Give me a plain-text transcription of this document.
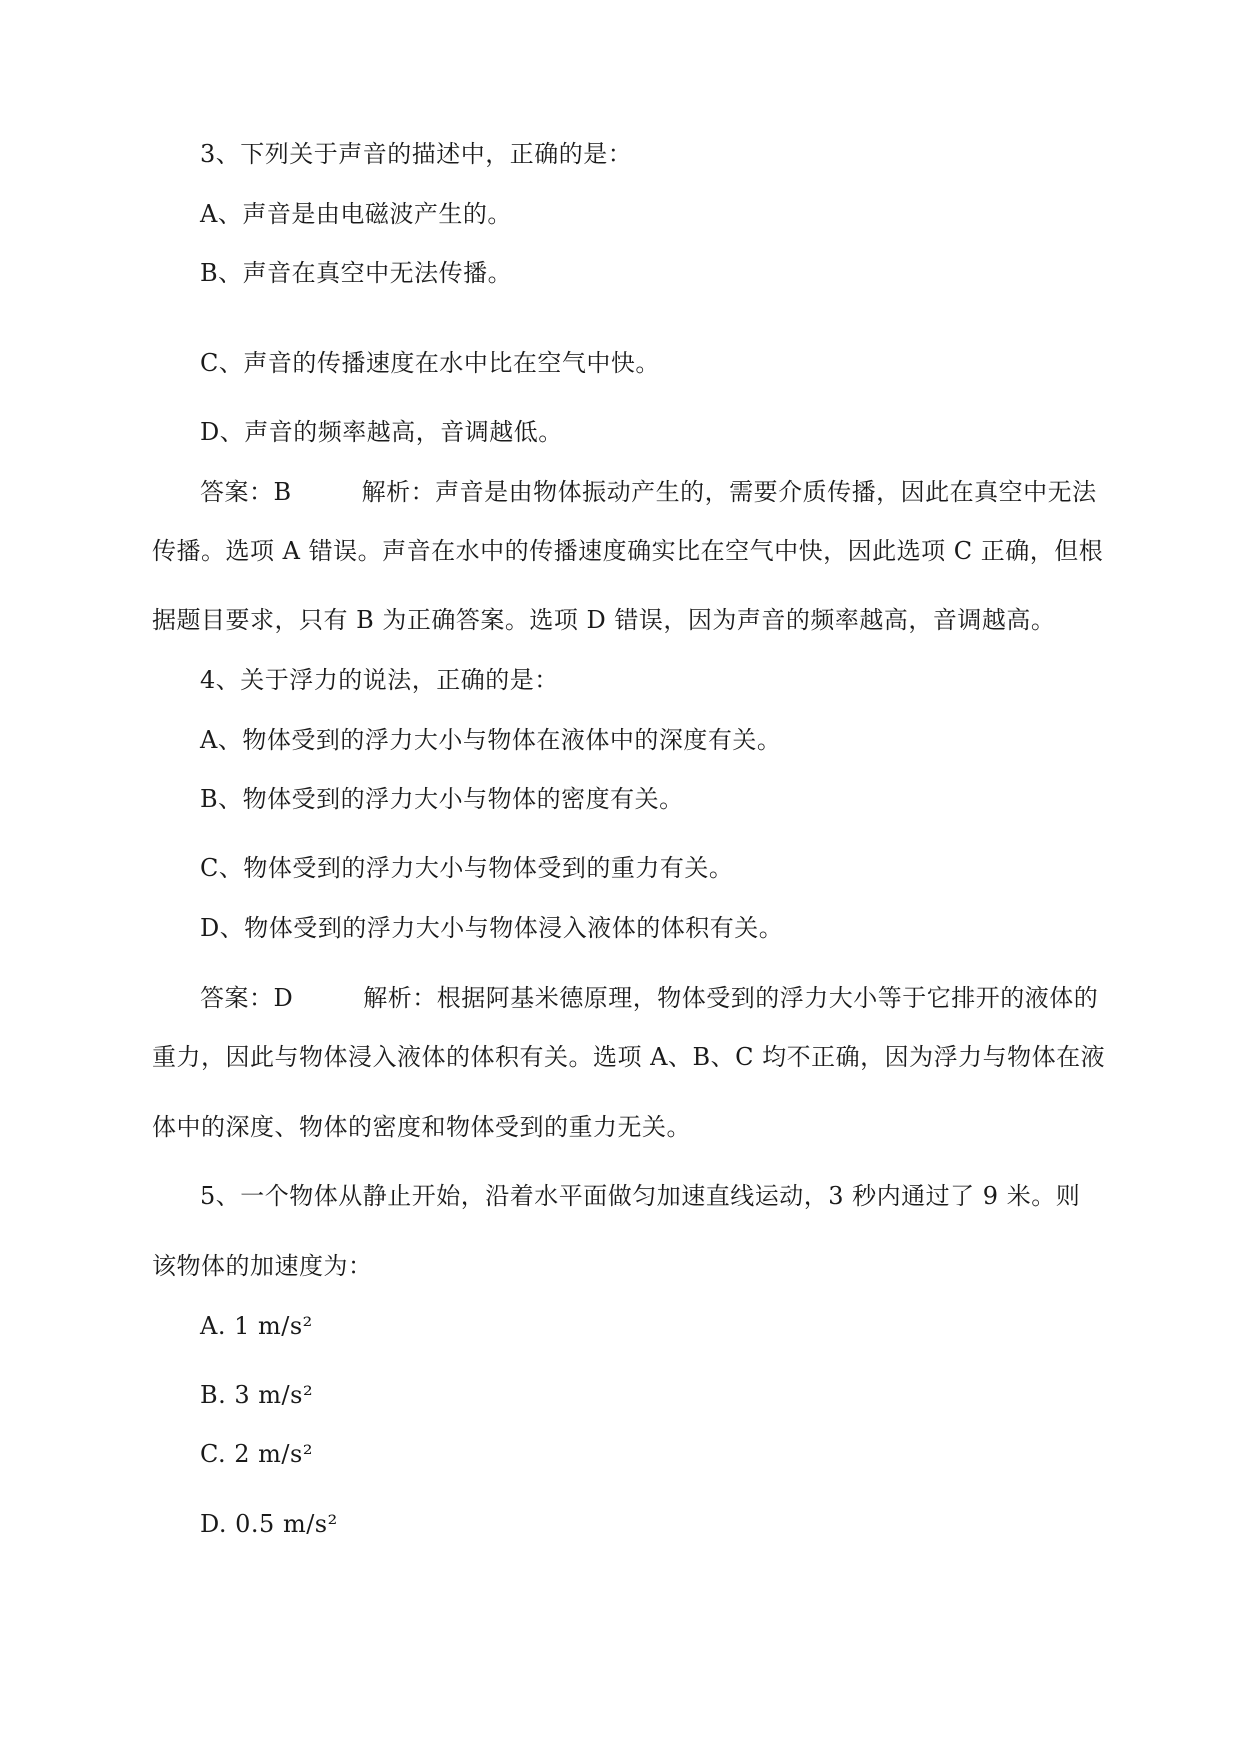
3、下列关于声音的描述中，正确的是：
A、声音是由电磁波产生的。
B、声音在真空中无法传播。
C、声音的传播速度在水中比在空气中快。
D、声音的频率越高，音调越低。
答案：B	解析：声音是由物体振动产生的，需要介质传播，因此在真空中无法
传播。选项 A 错误。声音在水中的传播速度确实比在空气中快，因此选项 C 正确，但根
据题目要求，只有 B 为正确答案。选项 D 错误，因为声音的频率越高，音调越高。
4、关于浮力的说法，正确的是：
A、物体受到的浮力大小与物体在液体中的深度有关。
B、物体受到的浮力大小与物体的密度有关。
C、物体受到的浮力大小与物体受到的重力有关。
D、物体受到的浮力大小与物体浸入液体的体积有关。
答案：D	解析：根据阿基米德原理，物体受到的浮力大小等于它排开的液体的
重力，因此与物体浸入液体的体积有关。选项 A、B、C 均不正确，因为浮力与物体在液
体中的深度、物体的密度和物体受到的重力无关。
5、一个物体从静止开始，沿着水平面做匀加速直线运动，3 秒内通过了 9 米。则
该物体的加速度为：
A. 1 m/s²
B. 3 m/s²
C. 2 m/s²
D. 0.5 m/s²
